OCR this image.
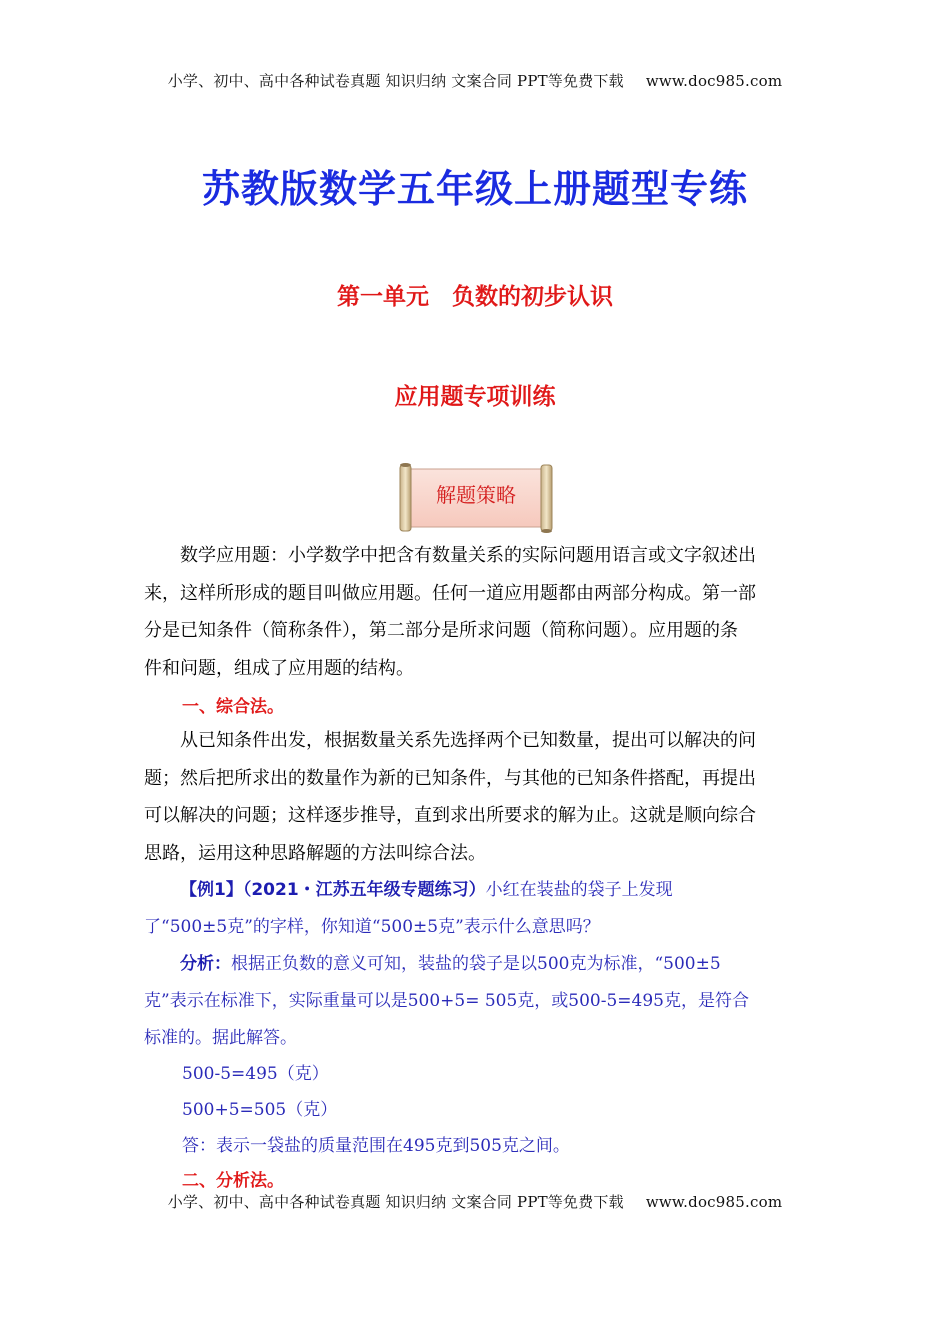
小学、初中、高中各种试卷真题 知识归纳 文案合同 PPT等免费下载 www.doc985.com
苏教版数学五年级上册题型专练
第一单元　负数的初步认识
应用题专项训练
解题策略
数学应用题：小学数学中把含有数量关系的实际问题用语言或文字叙述出
来，这样所形成的题目叫做应用题。任何一道应用题都由两部分构成。第一部
分是已知条件（简称条件），第二部分是所求问题（简称问题）。应用题的条
件和问题，组成了应用题的结构。
一、综合法。
从已知条件出发，根据数量关系先选择两个已知数量，提出可以解决的问
题；然后把所求出的数量作为新的已知条件，与其他的已知条件搭配，再提出
可以解决的问题；这样逐步推导，直到求出所要求的解为止。这就是顺向综合
思路，运用这种思路解题的方法叫综合法。
【例1】（2021・江苏五年级专题练习）小红在装盐的袋子上发现
了“500±5克”的字样，你知道“500±5克”表示什么意思吗？
分析：根据正负数的意义可知，装盐的袋子是以500克为标准，“500±5
克”表示在标准下，实际重量可以是500+5= 505克，或500-5=495克，是符合
标准的。据此解答。
500-5=495（克）
500+5=505（克）
答：表示一袋盐的质量范围在495克到505克之间。
二、分析法。
小学、初中、高中各种试卷真题 知识归纳 文案合同 PPT等免费下载 www.doc985.com
